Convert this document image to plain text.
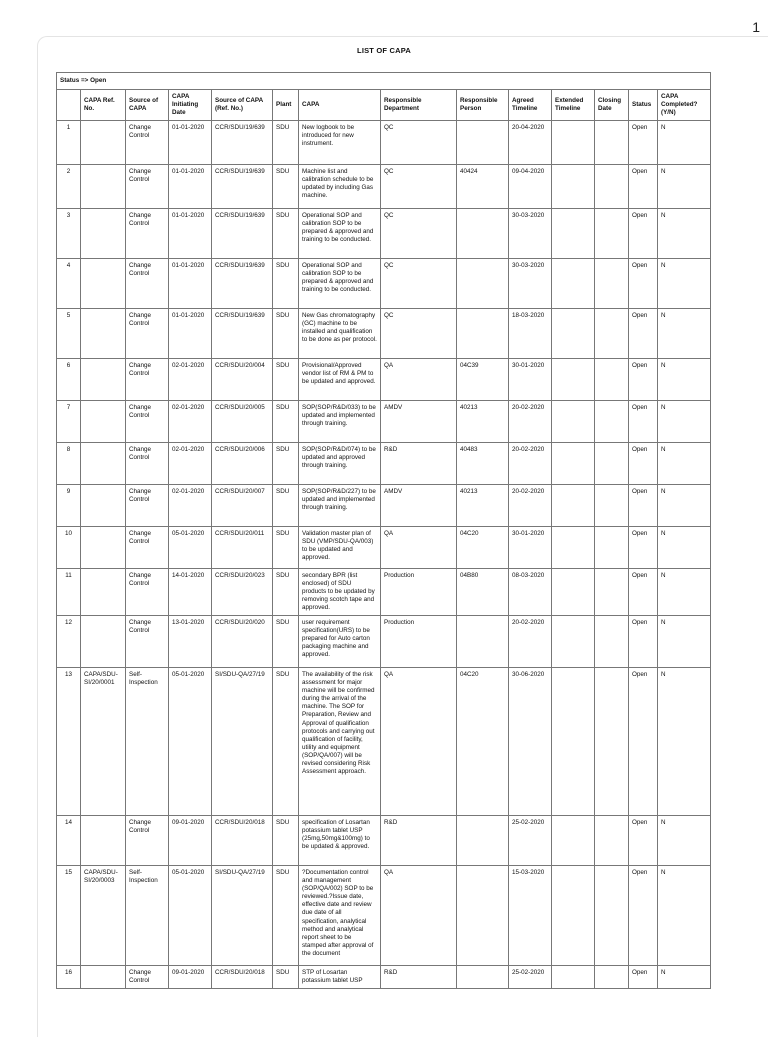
1
LIST OF CAPA
Status => Open													
	CAPA Ref. No.	Source of CAPA	CAPA Initiating Date	Source of CAPA (Ref. No.)	Plant	CAPA	Responsible Department	Responsible Person	Agreed Timeline	Extended Timeline	Closing Date	Status	CAPA Completed? (Y/N)
1		Change Control	01-01-2020	CCR/SDU/19/639	SDU	New logbook to be introduced for new instrument.	QC		20-04-2020			Open	N
2		Change Control	01-01-2020	CCR/SDU/19/639	SDU	Machine list and calibration schedule to be updated by including Gas machine.	QC	40424	09-04-2020			Open	N
3		Change Control	01-01-2020	CCR/SDU/19/639	SDU	Operational SOP and calibration SOP to be prepared & approved and training to be conducted.	QC		30-03-2020			Open	N
4		Change Control	01-01-2020	CCR/SDU/19/639	SDU	Operational SOP and calibration SOP to be prepared & approved and training to be conducted.	QC		30-03-2020			Open	N
5		Change Control	01-01-2020	CCR/SDU/19/639	SDU	New Gas chromatography (GC) machine to be installed and qualification to be done as per protocol.	QC		18-03-2020			Open	N
6		Change Control	02-01-2020	CCR/SDU/20/004	SDU	Provisional/Approved vendor list of RM & PM to be updated and approved.	QA	04C39	30-01-2020			Open	N
7		Change Control	02-01-2020	CCR/SDU/20/005	SDU	SOP(SOP/R&D/033) to be updated and implemented through training.	AMDV	40213	20-02-2020			Open	N
8		Change Control	02-01-2020	CCR/SDU/20/006	SDU	SOP(SOP/R&D/074) to be updated and approved through training.	R&D	40483	20-02-2020			Open	N
9		Change Control	02-01-2020	CCR/SDU/20/007	SDU	SOP(SOP/R&D/227) to be updated and implemented through training.	AMDV	40213	20-02-2020			Open	N
10		Change Control	05-01-2020	CCR/SDU/20/011	SDU	Validation master plan of SDU (VMP/SDU-QA/003) to be updated and approved.	QA	04C20	30-01-2020			Open	N
11		Change Control	14-01-2020	CCR/SDU/20/023	SDU	secondary BPR (list enclosed) of SDU products to be updated by removing scotch tape and approved.	Production	04B80	08-03-2020			Open	N
12		Change Control	13-01-2020	CCR/SDU/20/020	SDU	user requirement specification(URS) to be prepared for Auto carton packaging machine and approved.	Production		20-02-2020			Open	N
13	CAPA/SDU-SI/20/0001	Self-Inspection	05-01-2020	SI/SDU-QA/27/19	SDU	The availability of the risk assessment for major machine will be confirmed during the arrival of the machine. The SOP for Preparation, Review and Approval of qualification protocols and carrying out qualification of facility, utility and equipment (SOP/QA/007) will be revised considering Risk Assessment approach.	QA	04C20	30-06-2020			Open	N
14		Change Control	09-01-2020	CCR/SDU/20/018	SDU	specification of Losartan potassium tablet USP (25mg,50mg&100mg) to be updated & approved.	R&D		25-02-2020			Open	N
15	CAPA/SDU-SI/20/0003	Self-Inspection	05-01-2020	SI/SDU-QA/27/19	SDU	?Documentation control and management (SOP/QA/002) SOP to be reviewed.?Issue date, effective date and review due date of all specification, analytical method and analytical report sheet to be stamped after approval of the document	QA		15-03-2020			Open	N
16		Change Control	09-01-2020	CCR/SDU/20/018	SDU	STP of Losartan potassium tablet USP	R&D		25-02-2020			Open	N
